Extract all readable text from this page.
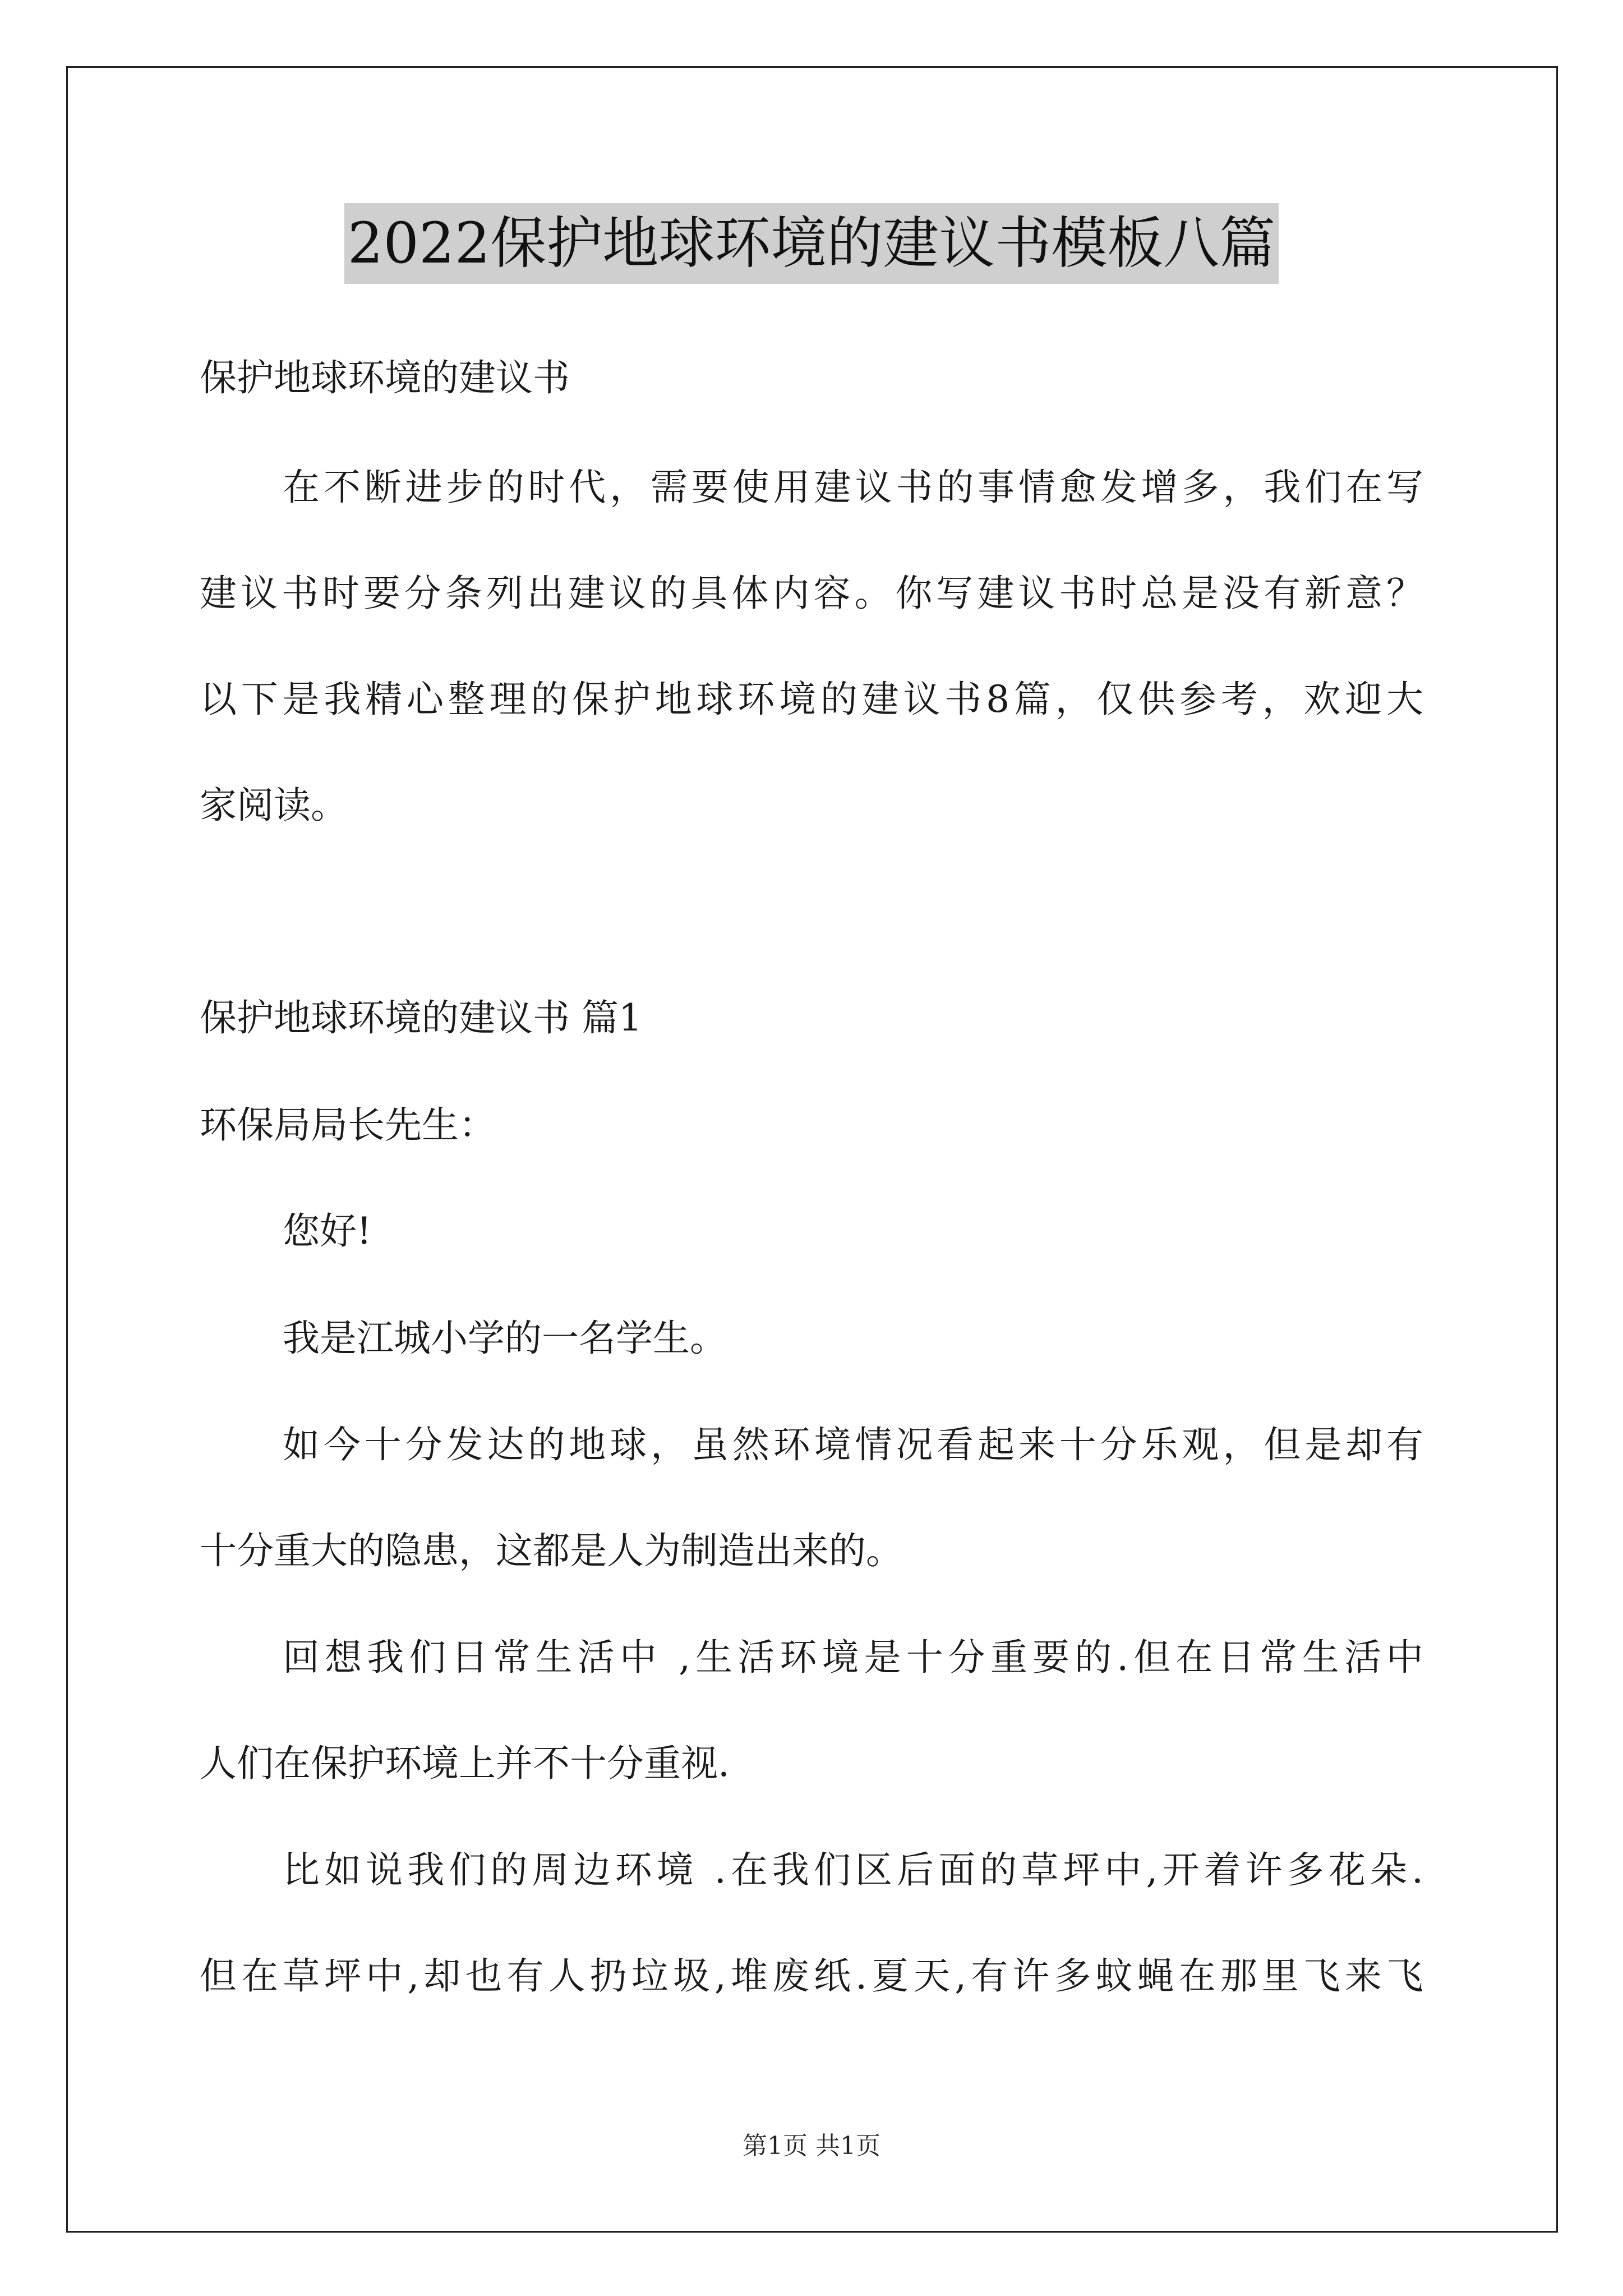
2022保护地球环境的建议书模板八篇
保护地球环境的建议书
在不断进步的时代，需要使用建议书的事情愈发增多，我们在写
建议书时要分条列出建议的具体内容。你写建议书时总是没有新意？
以下是我精心整理的保护地球环境的建议书8篇，仅供参考，欢迎大
家阅读。
保护地球环境的建议书 篇1
环保局局长先生：
您好!
我是江城小学的一名学生。
如今十分发达的地球，虽然环境情况看起来十分乐观，但是却有
十分重大的隐患，这都是人为制造出来的。
回想我们日常生活中 ,生活环境是十分重要的.但在日常生活中
人们在保护环境上并不十分重视.
比如说我们的周边环境 .在我们区后面的草坪中,开着许多花朵.
但在草坪中,却也有人扔垃圾,堆废纸.夏天,有许多蚊蝇在那里飞来飞
第1页 共1页
